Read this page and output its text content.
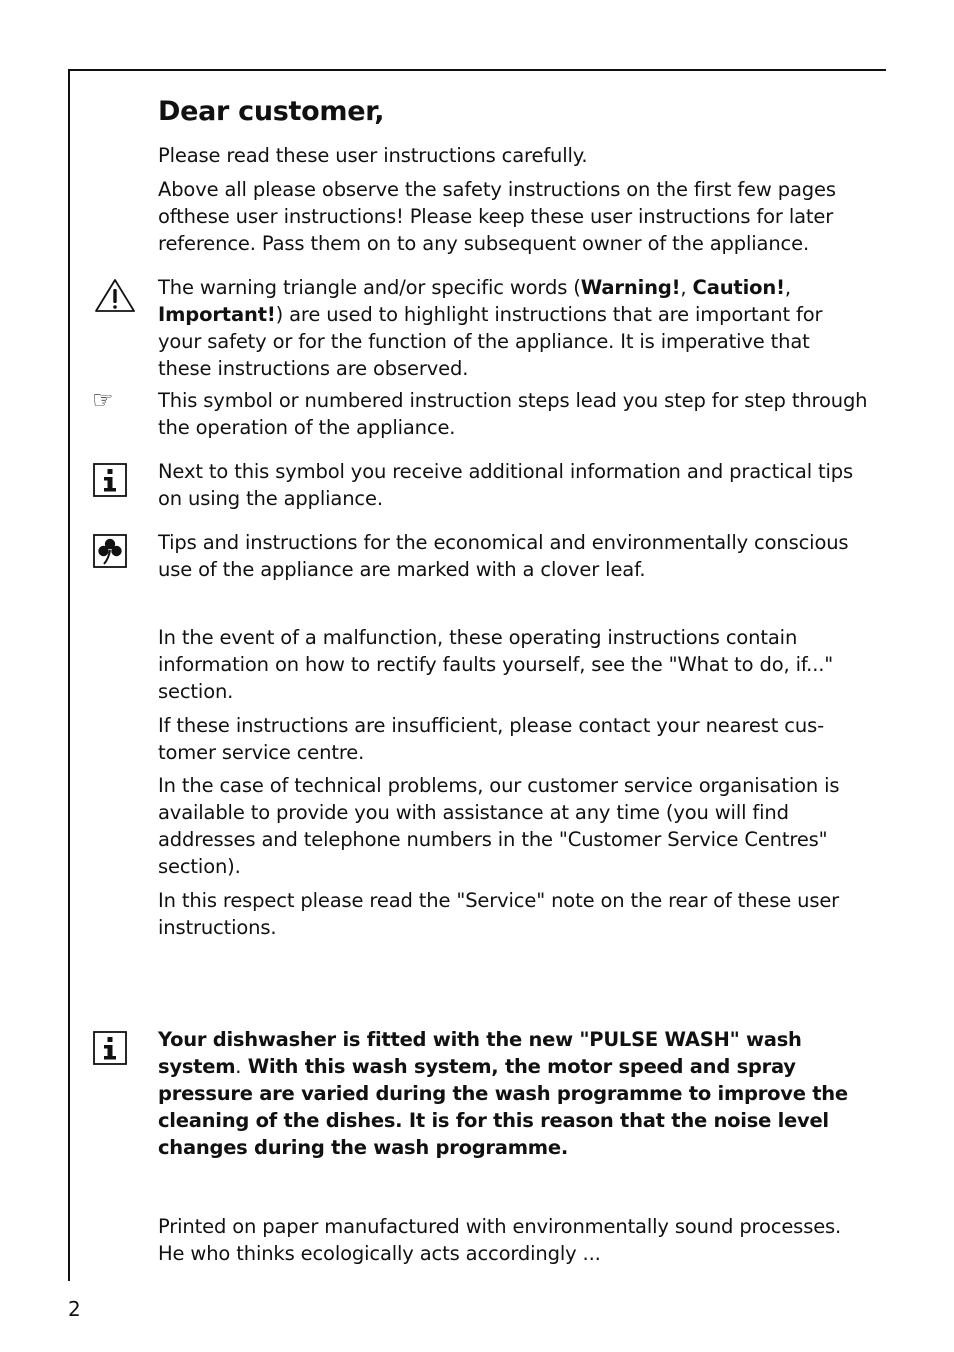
Dear customer,

Please read these user instructions carefully.

Above all please observe the safety instructions on the first few pages ofthese user instructions! Please keep these user instructions for later reference. Pass them on to any subsequent owner of the appliance.

The warning triangle and/or specific words (Warning!, Caution!, Important!) are used to highlight instructions that are important for your safety or for the function of the appliance. It is imperative that these instructions are observed.

☞ This symbol or numbered instruction steps lead you step for step through the operation of the appliance.

Next to this symbol you receive additional information and practical tips on using the appliance.

Tips and instructions for the economical and environmentally conscious use of the appliance are marked with a clover leaf.

In the event of a malfunction, these operating instructions contain information on how to rectify faults yourself, see the "What to do, if..." section.

If these instructions are insufficient, please contact your nearest cus-tomer service centre.

In the case of technical problems, our customer service organisation is available to provide you with assistance at any time (you will find addresses and telephone numbers in the "Customer Service Centres" section).

In this respect please read the "Service" note on the rear of these user instructions.

Your dishwasher is fitted with the new "PULSE WASH" wash system. With this wash system, the motor speed and spray pressure are varied during the wash programme to improve the cleaning of the dishes. It is for this reason that the noise level changes during the wash programme.

Printed on paper manufactured with environmentally sound processes.

He who thinks ecologically acts accordingly ...

2
